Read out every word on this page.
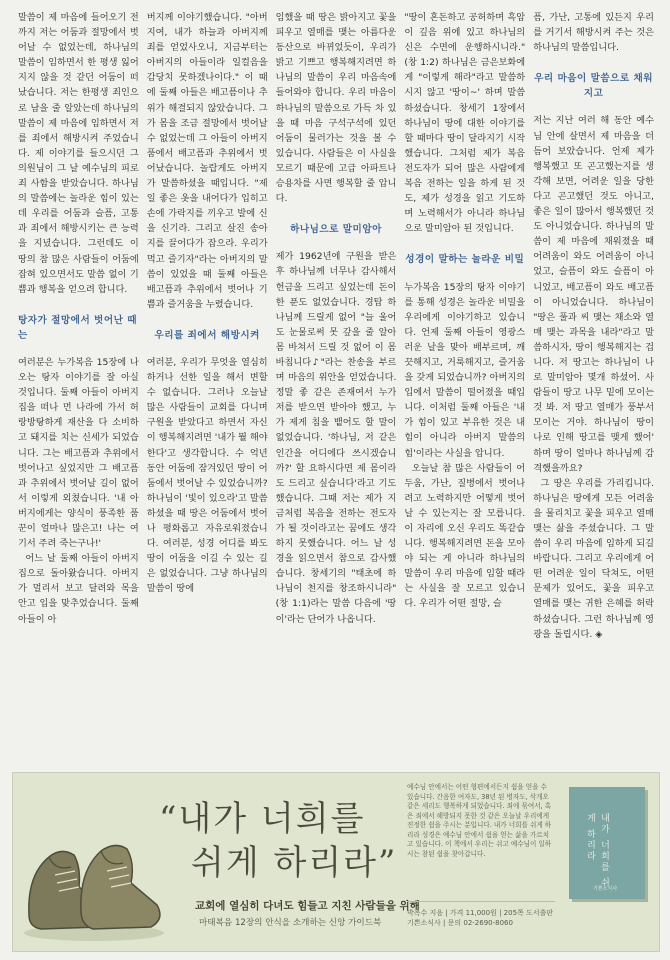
말씀이 제 마음에 들어오기 전까지 저는 어둠과 절망에서 벗어날 수 없었는데, 하나님의 말씀이 임하면서 한 평생 잃어지지 않을 것 같던 어둠이 떠났습니다. 저는 한평생 죄인으로 남을 줄 알았는데 하나님의 말씀이 제 마음에 임하면서 저를 죄에서 해방시켜 주었습니다. 제 이야기를 들으시던 그 의원님이 그 날 예수님의 피로 죄 사함을 받았습니다. 하나님의 말씀에는 놀라운 힘이 있는데 우리를 어둠과 슬픔, 고통과 죄에서 해방시키는 큰 능력을 지녔습니다. 그런데도 이 땅의 참 많은 사람들이 어둠에 잡혀 있으면서도 말씀 없이 기쁨과 행복을 얻으려 합니다.

탕자가 절망에서 벗어난 때는

여러분은 누가복음 15장에 나오는 탕자 이야기를 잘 아실 것입니다. 둘째 아들이 아버지 집을 떠나 먼 나라에 가서 허랑방탕하게 재산을 다 소비하고 돼지를 치는 신세가 되었습니다. 그는 배고픔과 추위에서 벗어나고 싶었지만 그 배고픔과 추위에서 벗어날 길이 없어서 이렇게 외쳤습니다. '내 아버지에게는 양식이 풍족한 품꾼이 얼마나 많은고! 나는 여기서 주려 죽는구나!'

어느 날 둘째 아들이 아버지 집으로 돌아왔습니다. 아버지가 멀리서 보고 달려와 목을 안고 입을 맞추었습니다. 둘째 아들이 아

버지께 이야기했습니다. "아버지여, 내가 하늘과 아버지께 죄를 얻었사오니, 지금부터는 아버지의 아들이라 일컬음을 감당치 못하겠나이다." 이 때에 둘째 아들은 배고픔이나 추위가 해결되지 않았습니다. 그가 몸을 조금 절망에서 벗어날 수 없었는데 그 아들이 아버지 품에서 배고픔과 추위에서 벗어났습니다. 놀랍게도 아버지가 말씀하셨을 때입니다. "제일 좋은 옷을 내어다가 입히고 손에 가락지를 끼우고 발에 신을 신기라. 그리고 살진 송아지를 끌어다가 잡으라. 우리가 먹고 즐기자"라는 아버지의 말씀이 있었을 때 둘째 아들은 배고픔과 추위에서 벗어나 기쁨과 즐거움을 누렸습니다.

우리를 죄에서 해방시켜

여러분, 우리가 무엇을 열심히 하거나 선한 일을 해서 변할 수 없습니다. 그러나 오늘날 많은 사람들이 교회를 다니며 구원을 받았다고 하면서 자신이 행복해지려면 '내가 뭘 해야 한다'고 생각합니다. 수 억년 동안 어둠에 잠겨있던 땅이 어둠에서 벗어날 수 있었습니까? 하나님이 '빛이 있으라'고 말씀하셨을 때 땅은 어둠에서 벗어나 평화롭고 자유로워졌습니다. 여러분, 성경 어디를 봐도 땅이 어둠을 이길 수 있는 길은 없었습니다. 그냥 하나님의 말씀이 땅에

임했을 때 땅은 밝아지고 꽃을 피우고 열매를 맺는 아름다운 동산으로 바뀌었듯이, 우리가 밝고 기쁘고 행복해지려면 하나님의 말씀이 우리 마음속에 들어와야 합니다. 우리 마음이 하나님의 말씀으로 가득 차 있을 때 마음 구석구석에 있던 어둠이 물러가는 것을 볼 수 있습니다. 사람들은 이 사실을 모르기 때문에 고급 아파트나 승용차를 사면 행복할 줄 압니다.

하나님으로 말미암아

제가 1962년에 구원을 받은 후 하나님께 너무나 감사해서 헌금을 드리고 싶었는데 돈이 한 푼도 없었습니다. 경탑 하나님께 드릴게 없어 "늘 울어도 눈물로써 못 갚을 줄 알아 몸 바쳐서 드릴 것 없어 이 몸 바칩니다♪"라는 찬송을 부르며 마음의 위안을 얻었습니다. 정말 좋 같은 존재여서 누가 저를 받으면 받아야 했고, 누가 제게 침을 뱉어도 할 말이 없었습니다. '하나님, 저 같은 인간을 어디에다 쓰시겠습니까?' 할 요하시다면 제 몸이라도 드리고 싶습니다'라고 기도했습니다. 그때 저는 제가 지금처럼 복음을 전하는 전도자가 될 것이라고는 꿈에도 생각하지 못했습니다. 어느 날 성경을 읽으면서 참으로 감사했습니다. 창세기의 "태초에 하나님이 천지를 창조하시니라"(창 1:1)라는 말씀 다음에 '땅이'라는 단어가 나옵니다.

"땅이 혼돈하고 공허하며 흑암이 깊음 위에 있고 하나님의 신은 수면에 운행하시니라."(창 1:2) 하나님은 금은보화에게 "이렇게 해라"라고 말씀하시지 않고 '땅이~' 하며 말씀하셨습니다. 창세기 1장에서 하나님이 땅에 대한 이야기를 할 때마다 땅이 달라지기 시작했습니다. 그처럼 제가 복음 전도자가 되어 많은 사람에게 복음 전하는 일을 하게 된 것도, 제가 성경을 읽고 기도하며 노력해서가 아니라 하나님으로 말미암아 된 것입니다.

성경이 말하는 놀라운 비밀

누가복음 15장의 탕자 이야기를 통해 성경은 놀라운 비밀을 우리에게 이야기하고 있습니다. 언제 둘째 아들이 영광스러운 날을 맞아 배부르며, 깨끗해지고, 거룩해지고, 즐거움을 갖게 되었습니까? 아버지의 입에서 말씀이 떨어졌을 때입니다. 이처럼 둘째 아들은 '내가 힘이 있고 부유한 것은 내 힘이 아니라 아버지 말씀의 힘'이라는 사실을 압니다.

오늘날 참 많은 사람들이 어두움, 가난, 질병에서 벗어나려고 노력하지만 어떻게 벗어날 수 있는지는 잘 모릅니다. 이 자리에 오신 우리도 똑같습니다. 행복해지려면 돈을 모아야 되는 게 아니라 하나님의 말씀이 우리 마음에 임할 때라는 사실을 잘 모르고 있습니다. 우리가 어떤 절망, 슬

픔, 가난, 고통에 있든지 우리를 거기서 해방시켜 주는 것은 하나님의 말씀입니다.

우리 마음이 말씀으로 채워지고

저는 지난 여러 해 동안 예수님 안에 살면서 제 마음을 더듬어 보았습니다. 언제 제가 행복했고 또 곤고했는지를 생각해 보면, 어려운 일을 당한다고 곤고했던 것도 아니고, 좋은 일이 많아서 행복했던 것도 아니었습니다. 하나님의 말씀이 제 마음에 채워졌을 때 어려움이 와도 어려움이 아니었고, 슬픔이 와도 슬픔이 아니었고, 배고픔이 와도 배고픔이 아니었습니다. 하나님이 "땅은 풀과 씨 맺는 채소와 열매 맺는 과목을 내라"라고 말씀하시자, 땅이 행복해지는 겁니다. 저 땅고는 하나님이 나로 말미암아 몇개 하셨어. 사람들이 땅고 나무 밑에 모이는 것 봐. 저 땅고 열매가 풍부서 모이는 거야. 하나님이 땅이 나로 인해 땅고를 맺게 했어' 하며 땅이 얼마나 하나님께 감격했을까요?

그 땅은 우리를 가리킵니다. 하나님은 땅에게 모든 어려움을 물리치고 꽃을 피우고 열매 맺는 삶을 주셨습니다. 그 말씀이 우리 마음에 임하게 되길 바랍니다. 그리고 우리에게 어떤 어려운 일이 닥쳐도, 어떤 문제가 있어도, 꽃을 피우고 열매를 맺는 귀한 은혜를 허락하셨습니다. 그런 하나님께 영광을 돌립시다. ◈

“내가 너희를
쉬게 하리라”
교회에 열심히 다녀도 힘들고 지친 사람들을 위해
마태복음 12장의 안식을 소개하는 신앙 가이드북
예수님 안에서는 어떤 형편에서든지 쉼을 얻을 수 있습니다. 간음한 여자도, 38년 된 병자도, 삭개오 같은 세리도 행복하게 되었습니다. 죄에 묶여서, 혹은 죄에서 해방되지 못한 것 같은 오늘날 우리에게 진정한 쉼을 주시는 분입니다. 내가 너희를 쉬게 하리라 성경은 예수님 안에서 쉼을 얻는 삶을 가르치고 있습니다. 이 책에서 우리는 쉬고 예수님이 일하시는 참된 쉼을 찾아갑니다.
박옥수 지음 | 가격 11,000원 | 205쪽 도서출판 기쁜소식사 | 문의 02-2690-8060
내가 너희를 쉬게 하리라
기쁜소식사
